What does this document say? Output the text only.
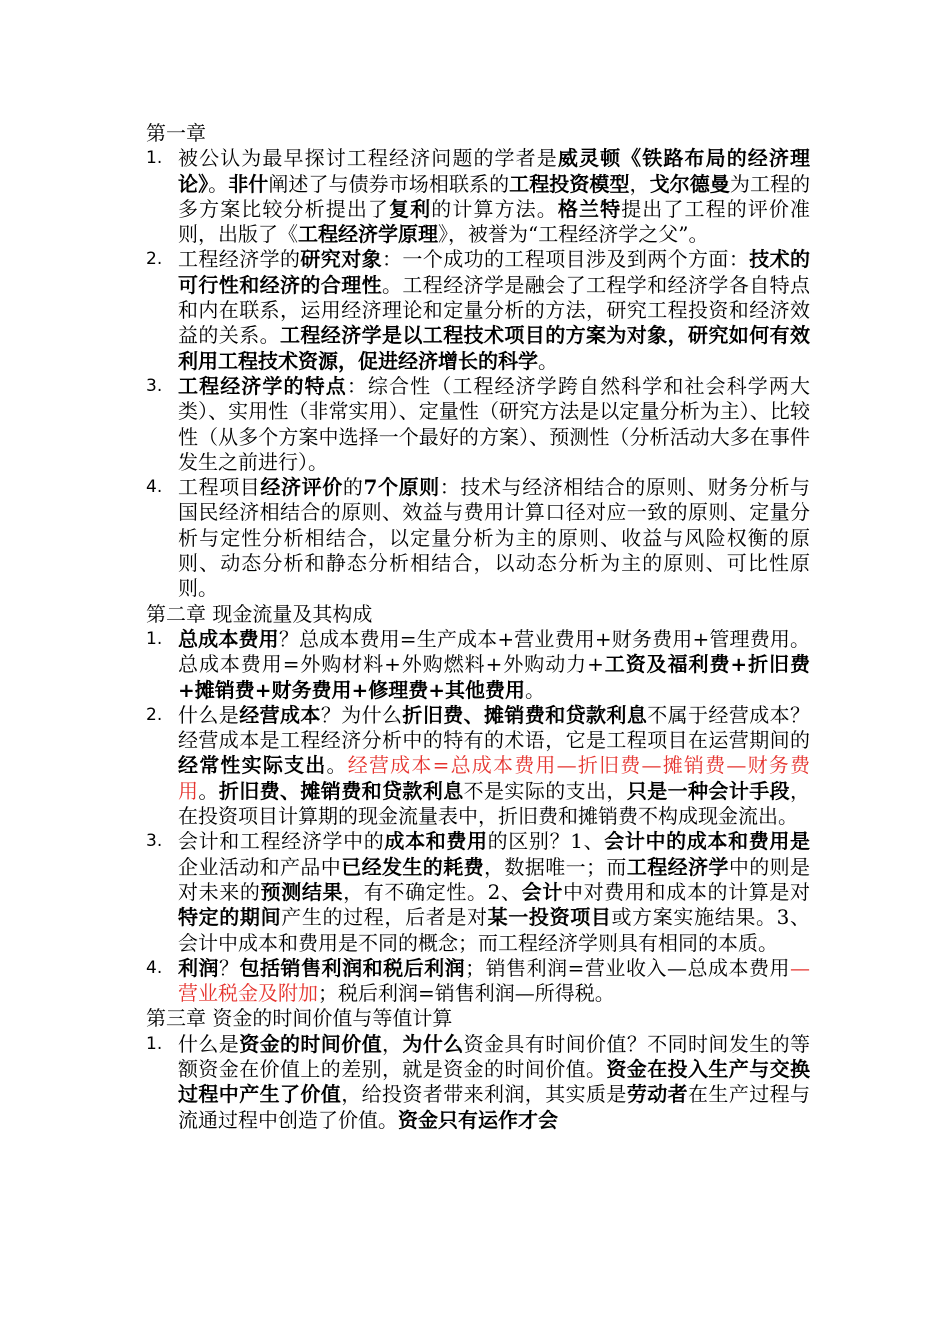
第一章

1. 被公认为最早探讨工程经济问题的学者是威灵顿《铁路布局的经济理论》。非什阐述了与债券市场相联系的工程投资模型，戈尔德曼为工程的多方案比较分析提出了复利的计算方法。格兰特提出了工程的评价准则，出版了《工程经济学原理》，被誉为“工程经济学之父”。
2. 工程经济学的研究对象：一个成功的工程项目涉及到两个方面：技术的可行性和经济的合理性。工程经济学是融会了工程学和经济学各自特点和内在联系，运用经济理论和定量分析的方法，研究工程投资和经济效益的关系。工程经济学是以工程技术项目的方案为对象，研究如何有效利用工程技术资源，促进经济增长的科学。
3. 工程经济学的特点：综合性（工程经济学跨自然科学和社会科学两大类）、实用性（非常实用）、定量性（研究方法是以定量分析为主）、比较性（从多个方案中选择一个最好的方案）、预测性（分析活动大多在事件发生之前进行）。
4. 工程项目经济评价的7个原则：技术与经济相结合的原则、财务分析与国民经济相结合的原则、效益与费用计算口径对应一致的原则、定量分析与定性分析相结合，以定量分析为主的原则、收益与风险权衡的原则、动态分析和静态分析相结合，以动态分析为主的原则、可比性原则。

第二章 现金流量及其构成

1. 总成本费用？总成本费用=生产成本+营业费用+财务费用+管理费用。总成本费用=外购材料+外购燃料+外购动力+工资及福利费+折旧费+摊销费+财务费用+修理费+其他费用。
2. 什么是经营成本？为什么折旧费、摊销费和贷款利息不属于经营成本？经营成本是工程经济分析中的特有的术语，它是工程项目在运营期间的经常性实际支出。经营成本=总成本费用—折旧费—摊销费—财务费用。折旧费、摊销费和贷款利息不是实际的支出，只是一种会计手段，在投资项目计算期的现金流量表中，折旧费和摊销费不构成现金流出。
3. 会计和工程经济学中的成本和费用的区别？1、会计中的成本和费用是企业活动和产品中已经发生的耗费，数据唯一；而工程经济学中的则是对未来的预测结果，有不确定性。2、会计中对费用和成本的计算是对特定的期间产生的过程，后者是对某一投资项目或方案实施结果。3、会计中成本和费用是不同的概念；而工程经济学则具有相同的本质。
4. 利润？包括销售利润和税后利润；销售利润=营业收入—总成本费用—营业税金及附加；税后利润=销售利润—所得税。

第三章 资金的时间价值与等值计算

1. 什么是资金的时间价值，为什么资金具有时间价值？不同时间发生的等额资金在价值上的差别，就是资金的时间价值。资金在投入生产与交换过程中产生了价值，给投资者带来利润，其实质是劳动者在生产过程与流通过程中创造了价值。资金只有运作才会
